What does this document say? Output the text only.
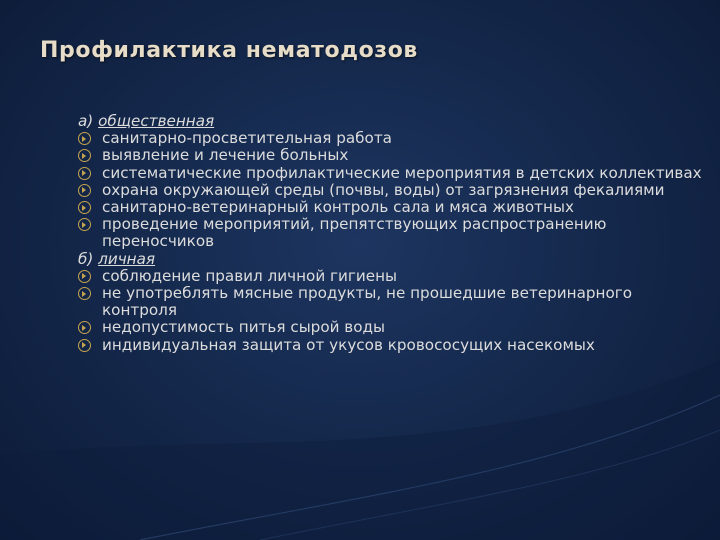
Профилактика нематодозов

а) общественная

санитарно-просветительная работа
выявление и лечение больных
систематические профилактические мероприятия в детских коллективах
охрана окружающей среды (почвы, воды) от загрязнения фекалиями
санитарно-ветеринарный контроль сала и мяса животных
проведение мероприятий, препятствующих распространению переносчиков

б) личная

соблюдение правил личной гигиены
не употреблять мясные продукты, не прошедшие ветеринарного контроля
недопустимость питья сырой воды
индивидуальная защита от укусов кровососущих насекомых
